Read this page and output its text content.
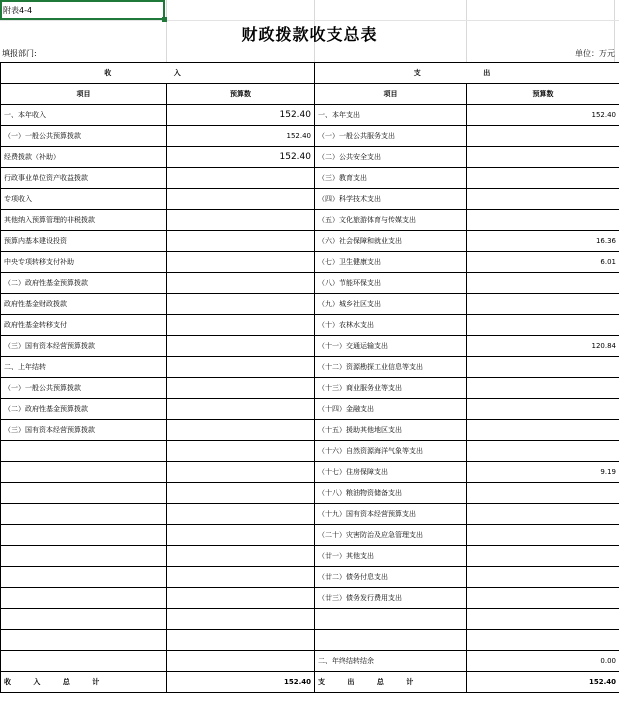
附表4-4
财政拨款收支总表
填报部门:	单位：万元
收 入		支 出	
项目	预算数	项目	预算数
一、本年收入	152.40	一、本年支出	152.40
（一）一般公共预算拨款	152.40	（一）一般公共服务支出	
经费拨款（补助）	152.40	（二）公共安全支出	
行政事业单位资产收益拨款		（三）教育支出	
专项收入		（四）科学技术支出	
其他纳入预算管理的非税拨款		（五）文化旅游体育与传媒支出	
预算内基本建设投资		（六）社会保障和就业支出	16.36
中央专项转移支付补助		（七）卫生健康支出	6.01
（二）政府性基金预算拨款		（八）节能环保支出	
政府性基金财政拨款		（九）城乡社区支出	
政府性基金转移支付		（十）农林水支出	
（三）国有资本经营预算拨款		（十一）交通运输支出	120.84
二、上年结转		（十二）资源勘探工业信息等支出	
（一）一般公共预算拨款		（十三）商业服务业等支出	
（二）政府性基金预算拨款		（十四）金融支出	
（三）国有资本经营预算拨款		（十五）援助其他地区支出	
		（十六）自然资源海洋气象等支出	
		（十七）住房保障支出	9.19
		（十八）粮油物资储备支出	
		（十九）国有资本经营预算支出	
		（二十）灾害防治及应急管理支出	
		（廿一）其他支出	
		（廿二）债务付息支出	
		（廿三）债务发行费用支出	

		二、年终结转结余	0.00
收 入 总 计	152.40	支 出 总 计	152.40
